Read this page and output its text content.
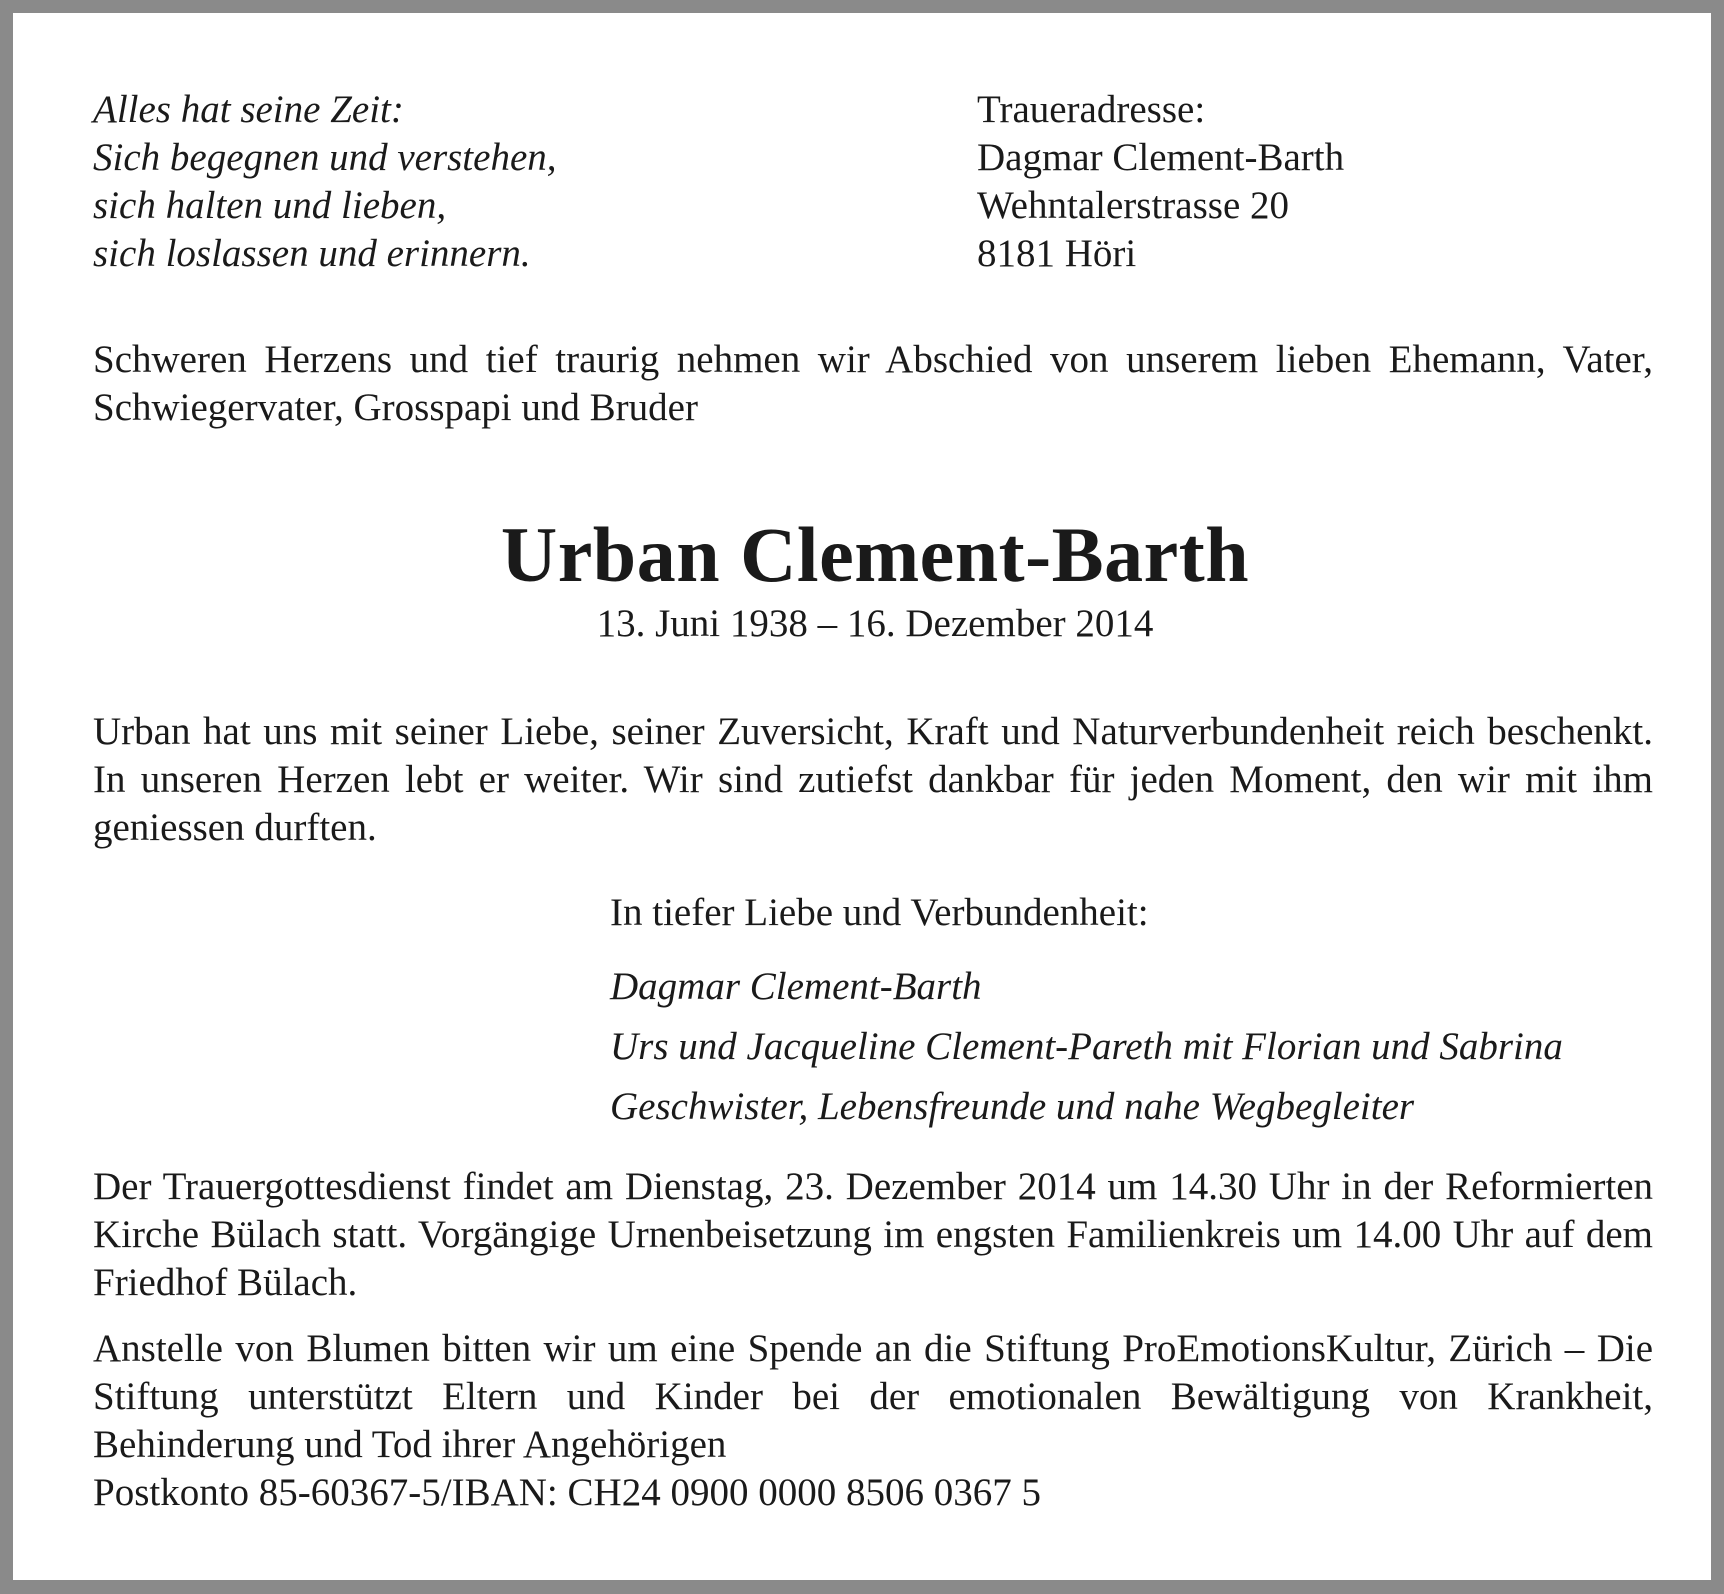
Alles hat seine Zeit:
Sich begegnen und verstehen,
sich halten und lieben,
sich loslassen und erinnern.
Traueradresse:
Dagmar Clement-Barth
Wehntalerstrasse 20
8181 Höri
Schweren Herzens und tief traurig nehmen wir Abschied von unserem lieben Ehemann, Vater, Schwiegervater, Grosspapi und Bruder
Urban Clement-Barth
13. Juni 1938 – 16. Dezember 2014
Urban hat uns mit seiner Liebe, seiner Zuversicht, Kraft und Naturverbundenheit reich beschenkt. In unseren Herzen lebt er weiter. Wir sind zutiefst dankbar für jeden Moment, den wir mit ihm geniessen durften.
In tiefer Liebe und Verbundenheit:
Dagmar Clement-Barth
Urs und Jacqueline Clement-Pareth mit Florian und Sabrina
Geschwister, Lebensfreunde und nahe Wegbegleiter
Der Trauergottesdienst findet am Dienstag, 23. Dezember 2014 um 14.30 Uhr in der Reformierten Kirche Bülach statt. Vorgängige Urnenbeisetzung im engsten Familienkreis um 14.00 Uhr auf dem Friedhof Bülach.
Anstelle von Blumen bitten wir um eine Spende an die Stiftung ProEmotionsKultur, Zürich – Die Stiftung unterstützt Eltern und Kinder bei der emotionalen Bewältigung von Krankheit, Behinderung und Tod ihrer Angehörigen
Postkonto 85-60367-5/IBAN: CH24 0900 0000 8506 0367 5
